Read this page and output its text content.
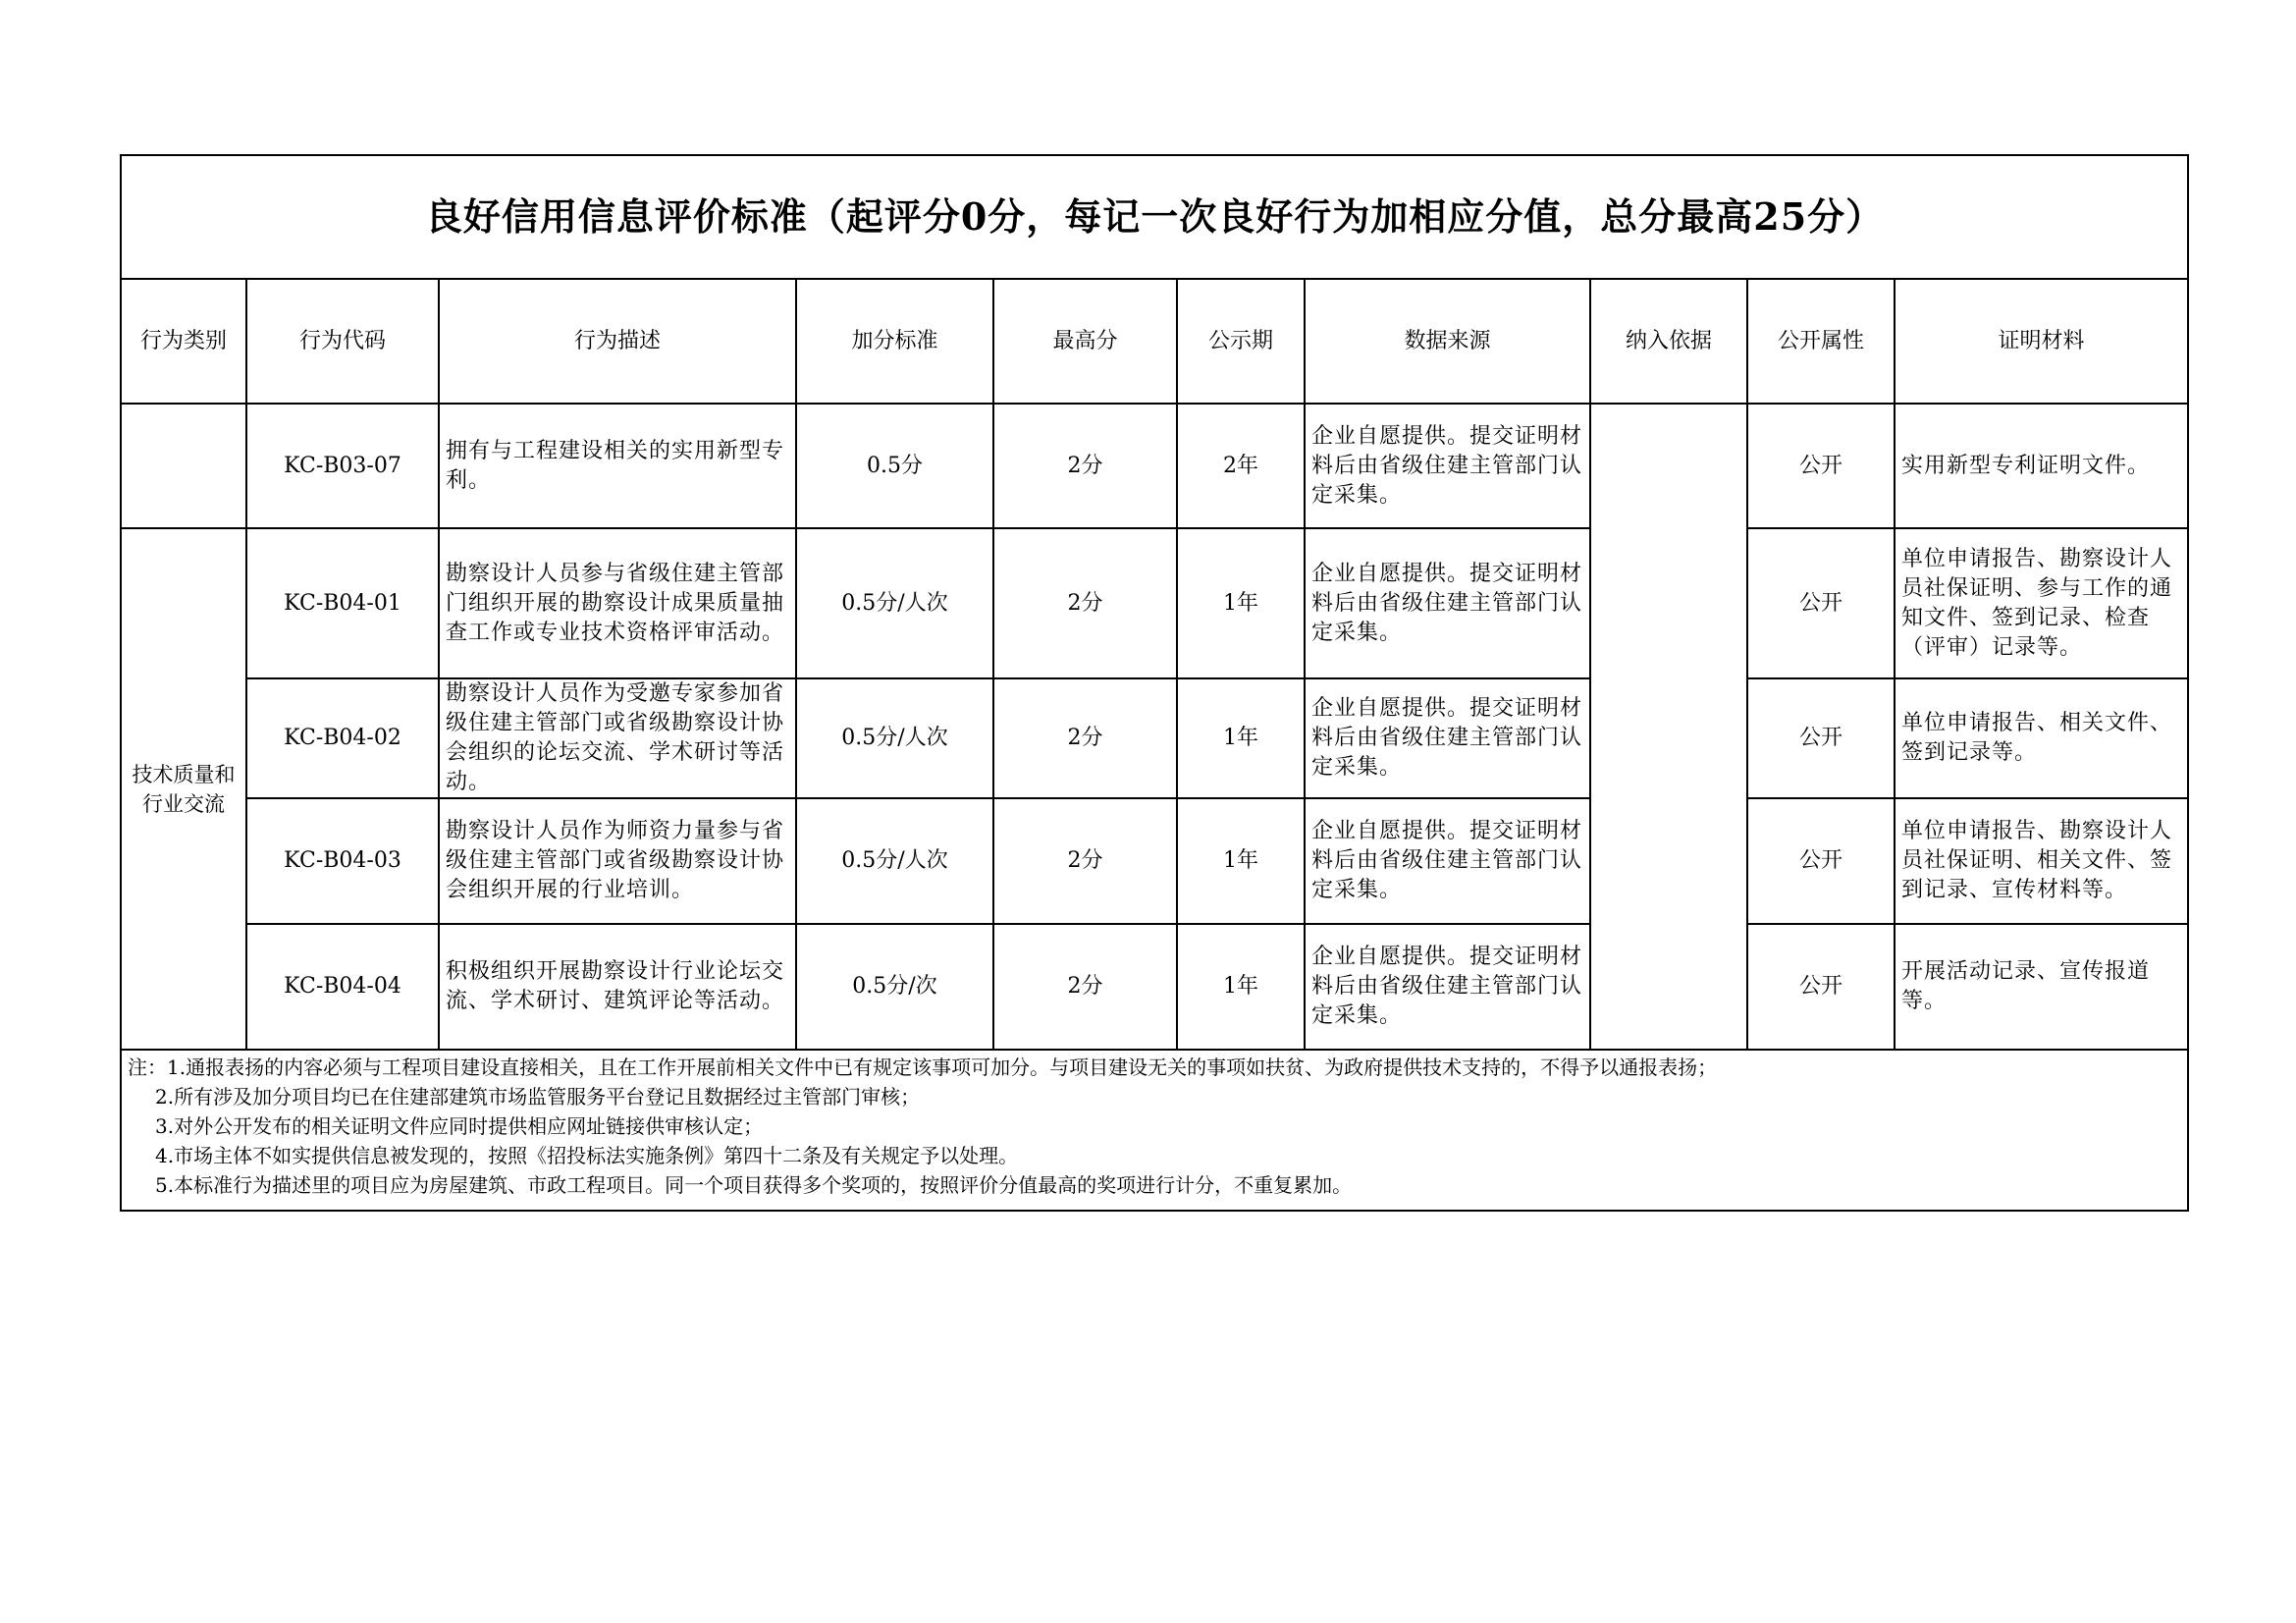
良好信用信息评价标准（起评分0分，每记一次良好行为加相应分值，总分最高25分）									
行为类别	行为代码	行为描述	加分标准	最高分	公示期	数据来源	纳入依据	公开属性	证明材料
	KC-B03-07	拥有与工程建设相关的实用新型专利。	0.5分	2分	2年	企业自愿提供。提交证明材料后由省级住建主管部门认定采集。		公开	实用新型专利证明文件。
技术质量和行业交流	KC-B04-01	勘察设计人员参与省级住建主管部门组织开展的勘察设计成果质量抽查工作或专业技术资格评审活动。	0.5分/人次	2分	1年	企业自愿提供。提交证明材料后由省级住建主管部门认定采集。		公开	单位申请报告、勘察设计人员社保证明、参与工作的通知文件、签到记录、检查（评审）记录等。
	KC-B04-02	勘察设计人员作为受邀专家参加省级住建主管部门或省级勘察设计协会组织的论坛交流、学术研讨等活动。	0.5分/人次	2分	1年	企业自愿提供。提交证明材料后由省级住建主管部门认定采集。		公开	单位申请报告、相关文件、签到记录等。
	KC-B04-03	勘察设计人员作为师资力量参与省级住建主管部门或省级勘察设计协会组织开展的行业培训。	0.5分/人次	2分	1年	企业自愿提供。提交证明材料后由省级住建主管部门认定采集。		公开	单位申请报告、勘察设计人员社保证明、相关文件、签到记录、宣传材料等。
	KC-B04-04	积极组织开展勘察设计行业论坛交流、学术研讨、建筑评论等活动。	0.5分/次	2分	1年	企业自愿提供。提交证明材料后由省级住建主管部门认定采集。		公开	开展活动记录、宣传报道等。

注：1.通报表扬的内容必须与工程项目建设直接相关，且在工作开展前相关文件中已有规定该事项可加分。与项目建设无关的事项如扶贫、为政府提供技术支持的，不得予以通报表扬；
2.所有涉及加分项目均已在住建部建筑市场监管服务平台登记且数据经过主管部门审核；
3.对外公开发布的相关证明文件应同时提供相应网址链接供审核认定；
4.市场主体不如实提供信息被发现的，按照《招投标法实施条例》第四十二条及有关规定予以处理。
5.本标准行为描述里的项目应为房屋建筑、市政工程项目。同一个项目获得多个奖项的，按照评价分值最高的奖项进行计分，不重复累加。									
